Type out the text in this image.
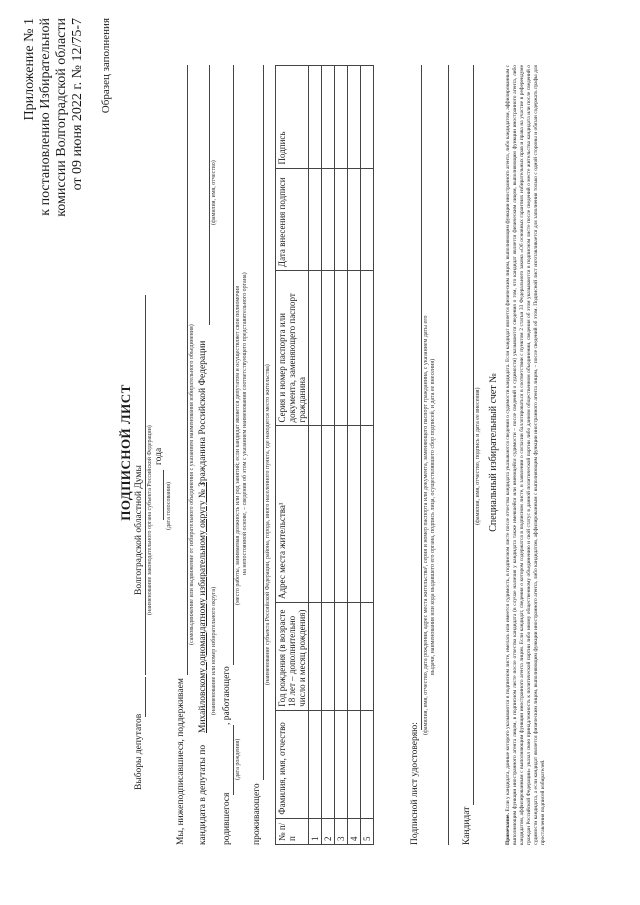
Приложение № 1 к постановлению Избирательной комиссии Волгоградской области от 09 июня 2022 г. № 12/75-7 Образец заполнения
ПОДПИСНОЙ ЛИСТ
Выборы депутатов
Волгоградской областной Думы (наименование законодательного органа субъекта Российской Федерации) года
(дата голосования)
Мы, нижеподписавшиеся, поддерживаем
(самовыдвижение или выдвижение от избирательного объединения с указанием наименования избирательного объединения)
кандидата в депутаты по
Михайловскому одномандатному избирательному округу № 3 (наименование или номер избирательного округа)
гражданина Российской Федерации
(фамилия, имя, отчество)
родившегося
(дата рождения)
, работающего
(место работы, занимаемая должность или род занятий; если кандидат является депутатом и осуществляет свои полномочия на непостоянной основе, – сведения об этом с указанием наименования соответствующего представительного органа)
проживающего
(наименование субъекта Российской Федерации, района, города, иного населенного пункта, где находится место жительства)
№ п/п	Фамилия, имя, отчество	Год рождения (в возрасте 18 лет – дополнительно число и месяц рождения)	Адрес места жительства¹	Серия и номер паспорта или документа, заменяющего паспорт гражданина	Дата внесения подписи	Подпись
1						
2						
3						
4						
5							Подписной лист удостоверяю:
(фамилия, имя, отчество, дата рождения, адрес места жительства¹, серия и номер паспорта или документа, заменяющего паспорт гражданина, с указанием даты его выдачи, наименования или кода выдавшего его органа, подпись лица, осуществлявшего сбор подписей, и дата ее внесения)
Кандидат
(фамилия, имя, отчество, подпись и дата ее внесения) Специальный избирательный счет №
Примечание. Если у кандидата, данные которого указываются в подписном листе, имелась или имеется судимость, в подписном листе после отчества кандидата указываются сведения о судимости кандидата. Если кандидат является физическим лицом, выполняющим функции иностранного агента, либо кандидатом, аффилированным с выполняющим функции иностранного агента лицом, в подписном листе после отчества кандидата (в случае наличия у кандидата также имевшейся или имеющейся судимости – после сведений о судимости) указываются сведения о том, что кандидат является физическим лицом, выполняющим функции иностранного агента, либо кандидатом, аффилированным с выполняющим функции иностранного агента лицом. Если кандидат, сведения о котором содержатся в подписном листе, в заявлении о согласии баллотироваться в соответствии с пунктом 2 статьи 33 Федерального закона «Об основных гарантиях избирательных прав и права на участие в референдуме граждан Российской Федерации» указал свою принадлежность к политической партии либо иному общественному объединению и свой статус в данной политической партии либо данном общественном объединении, сведения об этом указываются в подписном листе после сведений о месте жительства кандидата или после сведений о судимости кандидата, а если кандидат является физическим лицом, выполняющим функции иностранного агента, либо кандидатом, аффилированным с выполняющим функции иностранного агента лицом, – после сведений об этом. Подписной лист изготавливается для заполнения только с одной стороны и обязан содержать графы для проставления подписей избирателей.
